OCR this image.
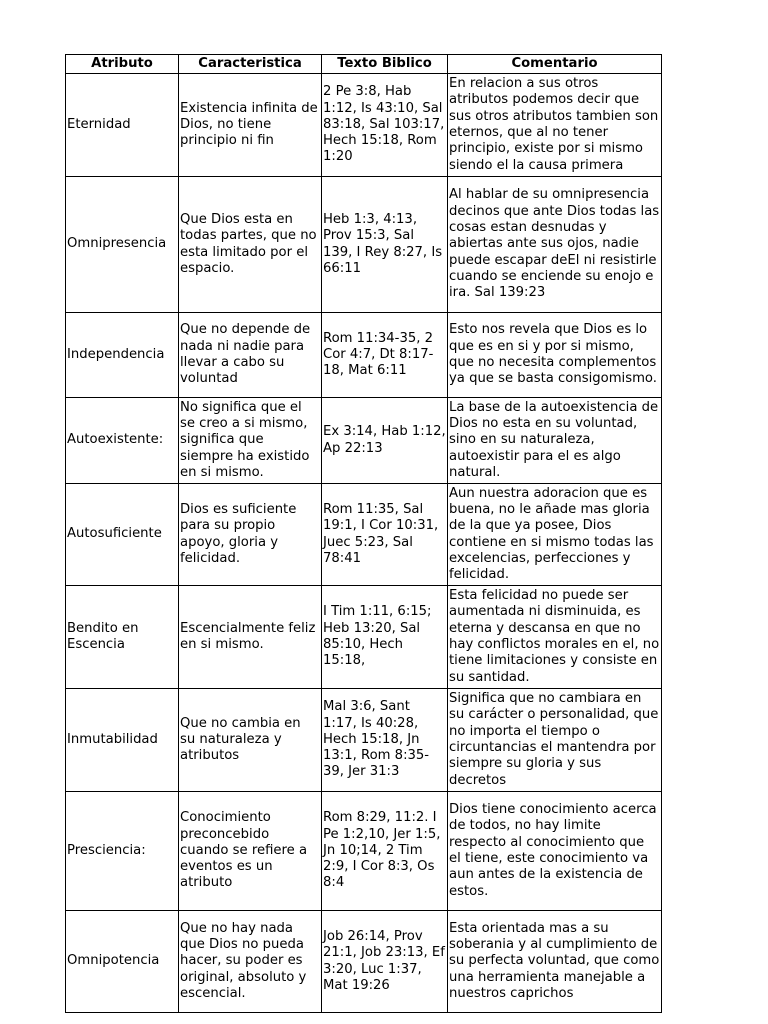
Atributo	Caracteristica	Texto Biblico	Comentario
Eternidad	Existencia infinita de Dios, no tiene principio ni fin	2 Pe 3:8, Hab 1:12, Is 43:10, Sal 83:18, Sal 103:17, Hech 15:18, Rom 1:20	En relacion a sus otros atributos podemos decir que sus otros atributos tambien son eternos, que al no tener principio, existe por si mismo siendo el la causa primera
Omnipresencia	Que Dios esta en todas partes, que no esta limitado por el espacio.	Heb 1:3, 4:13, Prov 15:3, Sal 139, I Rey 8:27, Is 66:11	Al hablar de su omnipresencia decinos que ante Dios todas las cosas estan desnudas y abiertas ante sus ojos, nadie puede escapar deEl ni resistirle cuando se enciende su enojo e ira. Sal 139:23
Independencia	Que no depende de nada ni nadie para llevar a cabo su voluntad	Rom 11:34-35, 2 Cor 4:7, Dt 8:17-18, Mat 6:11	Esto nos revela que Dios es lo que es en si y por si mismo, que no necesita complementos ya que se basta consigomismo.
Autoexistente:	No significa que el se creo a si mismo, significa que siempre ha existido en si mismo.	Ex 3:14, Hab 1:12, Ap 22:13	La base de la autoexistencia de Dios no esta en su voluntad, sino en su naturaleza, autoexistir para el es algo natural.
Autosuficiente	Dios es suficiente para su propio apoyo, gloria y felicidad.	Rom 11:35, Sal 19:1, I Cor 10:31, Juec 5:23, Sal 78:41	Aun nuestra adoracion que es buena, no le añade mas gloria de la que ya posee, Dios contiene en si mismo todas las excelencias, perfecciones y felicidad.
Bendito en Escencia	Escencialmente feliz en si mismo.	I Tim 1:11, 6:15; Heb 13:20, Sal 85:10, Hech 15:18,	Esta felicidad no puede ser aumentada ni disminuida, es eterna y descansa en que no hay conflictos morales en el, no tiene limitaciones y consiste en su santidad.
Inmutabilidad	Que no cambia en su naturaleza y atributos	Mal 3:6, Sant 1:17, Is 40:28, Hech 15:18, Jn 13:1, Rom 8:35-39, Jer 31:3	Significa que no cambiara en su carácter o personalidad, que no importa el tiempo o circuntancias el mantendra por siempre su gloria y sus decretos
Presciencia:	Conocimiento preconcebido cuando se refiere a eventos es un atributo	Rom 8:29, 11:2. I Pe 1:2,10, Jer 1:5, Jn 10;14, 2 Tim 2:9, I Cor 8:3, Os 8:4	Dios tiene conocimiento acerca de todos, no hay limite respecto al conocimiento que el tiene, este conocimiento va aun antes de la existencia de estos.
Omnipotencia	Que no hay nada que Dios no pueda hacer, su poder es original, absoluto y escencial.	Job 26:14, Prov 21:1, Job 23:13, Ef 3:20, Luc 1:37, Mat 19:26	Esta orientada mas a su soberania y al cumplimiento de su perfecta voluntad, que como una herramienta manejable a nuestros caprichos
